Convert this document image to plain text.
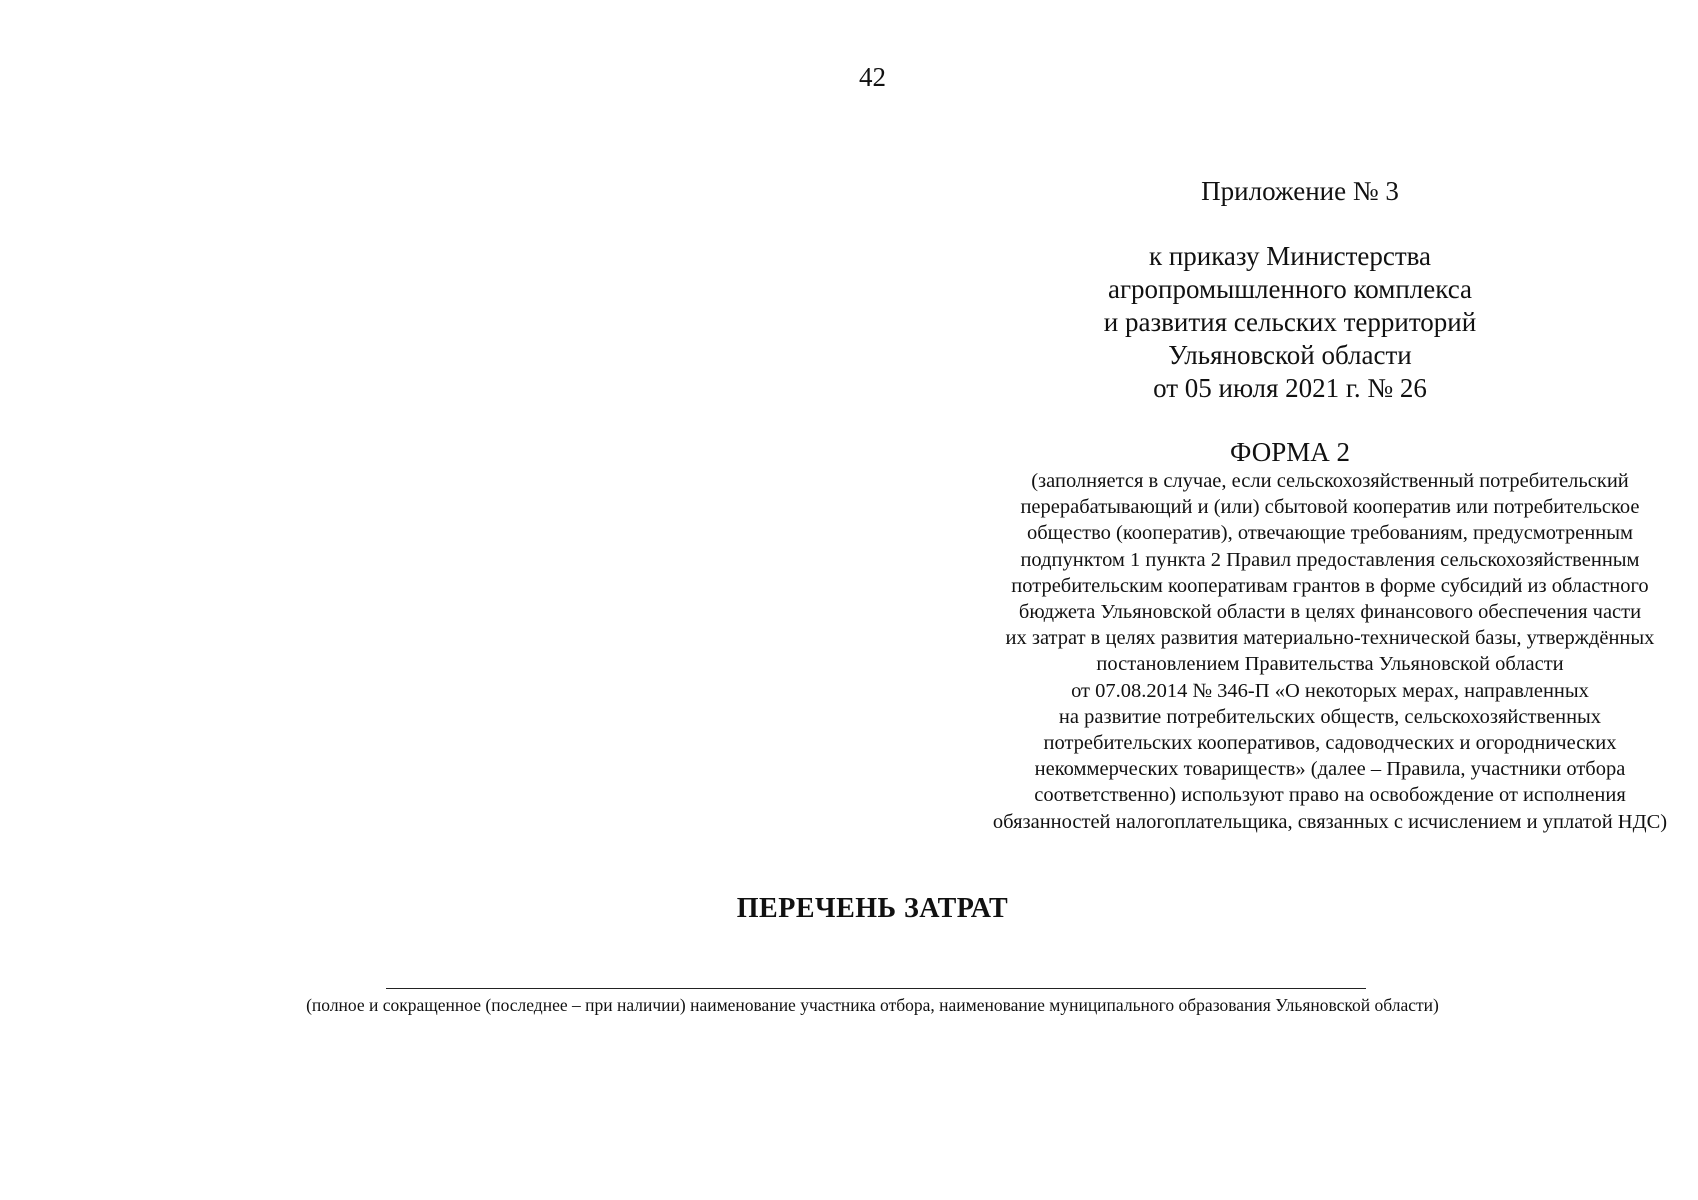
42
Приложение № 3
к приказу Министерства
агропромышленного комплекса
и развития сельских территорий
Ульяновской области
от 05 июля 2021 г. № 26
ФОРМА 2
(заполняется в случае, если сельскохозяйственный потребительский
перерабатывающий и (или) сбытовой кооператив или потребительское
общество (кооператив), отвечающие требованиям, предусмотренным
подпунктом 1 пункта 2 Правил предоставления сельскохозяйственным
потребительским кооперативам грантов в форме субсидий из областного
бюджета Ульяновской области в целях финансового обеспечения части
их затрат в целях развития материально-технической базы, утверждённых
постановлением Правительства Ульяновской области
от 07.08.2014 № 346-П «О некоторых мерах, направленных
на развитие потребительских обществ, сельскохозяйственных
потребительских кооперативов, садоводческих и огороднических
некоммерческих товариществ» (далее – Правила, участники отбора
соответственно) используют право на освобождение от исполнения
обязанностей налогоплательщика, связанных с исчислением и уплатой НДС)
ПЕРЕЧЕНЬ ЗАТРАТ
(полное и сокращенное (последнее – при наличии) наименование участника отбора, наименование муниципального образования Ульяновской области)
